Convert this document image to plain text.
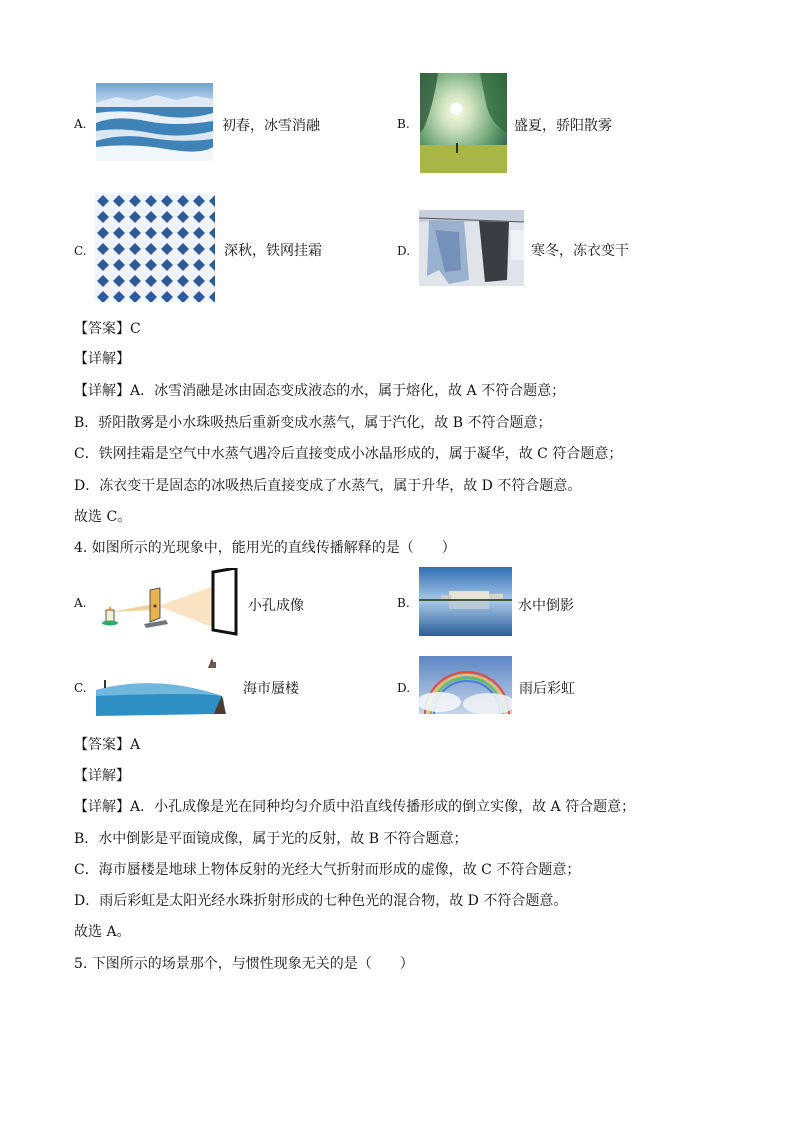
A.	初春，冰雪消融	B.	盛夏，骄阳散雾
C.	深秋，铁网挂霜	D.	寒冬，冻衣变干
【答案】C
【详解】
【详解】A．冰雪消融是冰由固态变成液态的水，属于熔化，故 A 不符合题意；
B．骄阳散雾是小水珠吸热后重新变成水蒸气，属于汽化，故 B 不符合题意；
C．铁网挂霜是空气中水蒸气遇冷后直接变成小冰晶形成的，属于凝华，故 C 符合题意；
D．冻衣变干是固态的冰吸热后直接变成了水蒸气，属于升华，故 D 不符合题意。
故选 C。
4. 如图所示的光现象中，能用光的直线传播解释的是（　　）
A.	小孔成像	B.	水中倒影
C.	海市蜃楼	D.	雨后彩虹
【答案】A
【详解】
【详解】A．小孔成像是光在同种均匀介质中沿直线传播形成的倒立实像，故 A 符合题意；
B．水中倒影是平面镜成像，属于光的反射，故 B 不符合题意；
C．海市蜃楼是地球上物体反射的光经大气折射而形成的虚像，故 C 不符合题意；
D．雨后彩虹是太阳光经水珠折射形成的七种色光的混合物，故 D 不符合题意。
故选 A。
5. 下图所示的场景那个，与惯性现象无关的是（　　）
